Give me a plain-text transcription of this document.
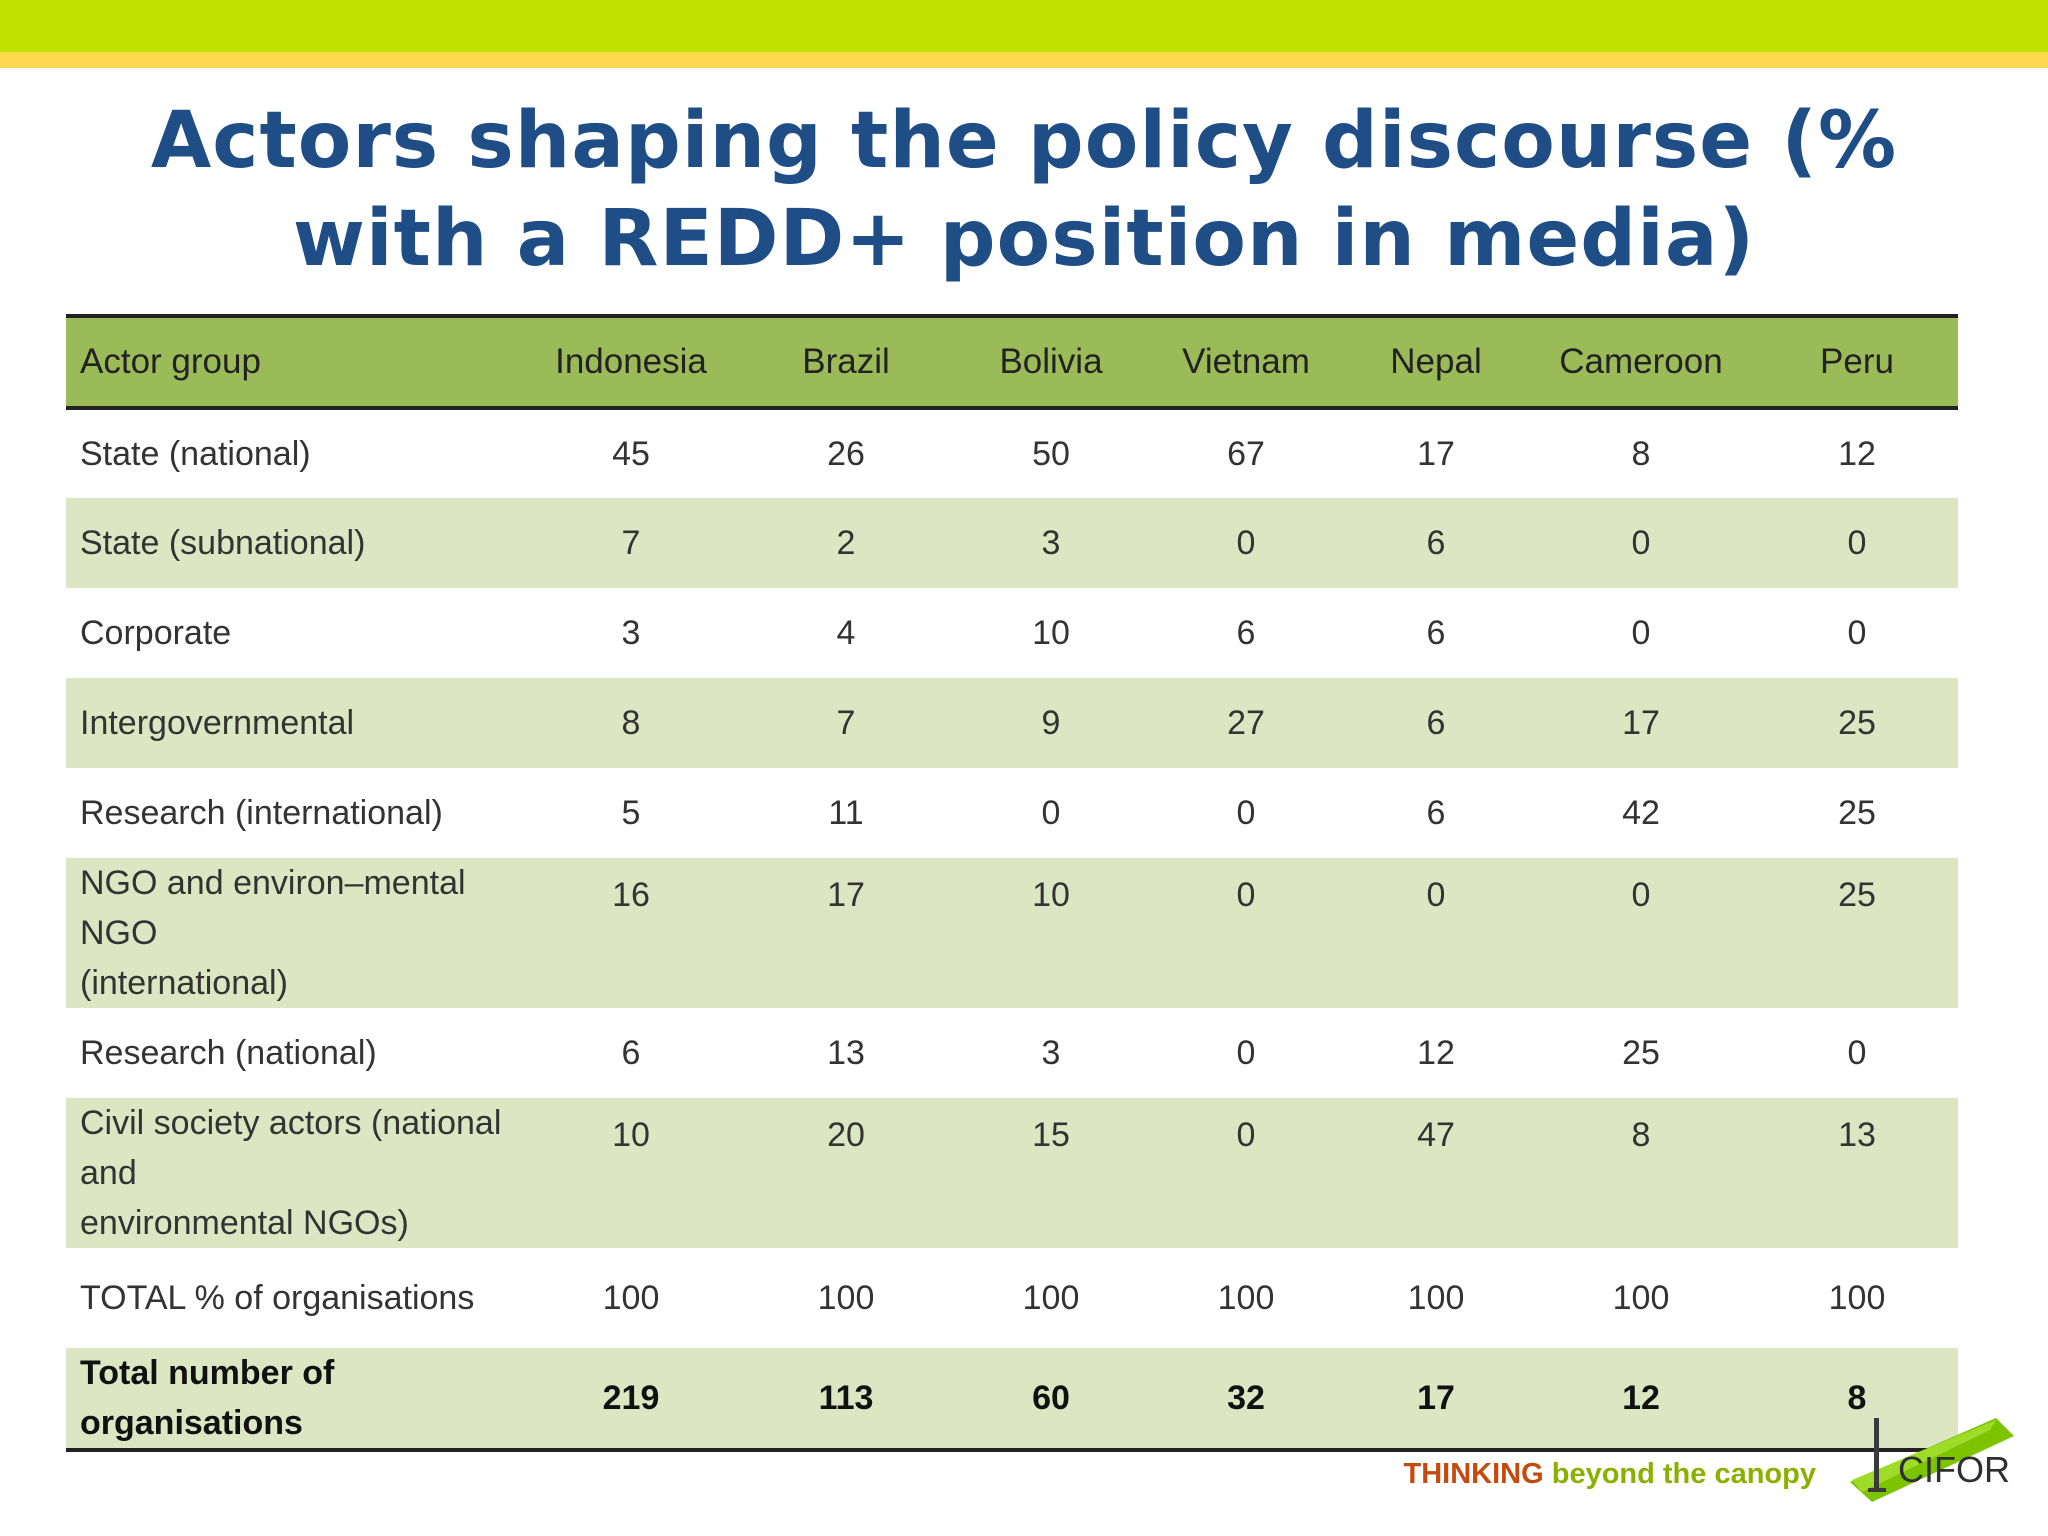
Actors shaping the policy discourse (%
with a REDD+ position in media)
Actor group	Indonesia	Brazil	Bolivia	Vietnam	Nepal	Cameroon	Peru
State (national)	45	26	50	67	17	8	12
State (subnational)	7	2	3	0	6	0	0
Corporate	3	4	10	6	6	0	0
Intergovernmental	8	7	9	27	6	17	25
Research (international)	5	11	0	0	6	42	25
NGO and environ–mental NGO
(international)	16	17	10	0	0	0	25
Research (national)	6	13	3	0	12	25	0
Civil society actors (national and
environmental NGOs)	10	20	15	0	47	8	13
TOTAL % of organisations	100	100	100	100	100	100	100
Total number of organisations	219	113	60	32	17	12	8
THINKING beyond the canopy CIFOR
